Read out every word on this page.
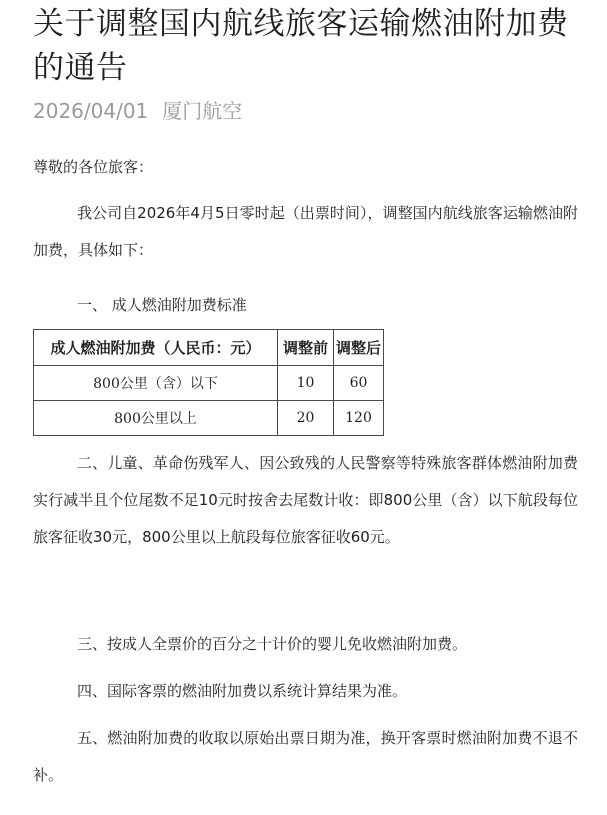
关于调整国内航线旅客运输燃油附加费的通告
2026/04/01 厦门航空
尊敬的各位旅客：
我公司自2026年4月5日零时起（出票时间），调整国内航线旅客运输燃油附加费，具体如下：
一、 成人燃油附加费标准
成人燃油附加费（人民币：元）	调整前	调整后
800公里（含）以下	10	60
800公里以上	20	120
二、儿童、革命伤残军人、因公致残的人民警察等特殊旅客群体燃油附加费实行减半且个位尾数不足10元时按舍去尾数计收：即800公里（含）以下航段每位旅客征收30元，800公里以上航段每位旅客征收60元。
三、按成人全票价的百分之十计价的婴儿免收燃油附加费。
四、国际客票的燃油附加费以系统计算结果为准。
五、燃油附加费的收取以原始出票日期为准，换开客票时燃油附加费不退不补。
